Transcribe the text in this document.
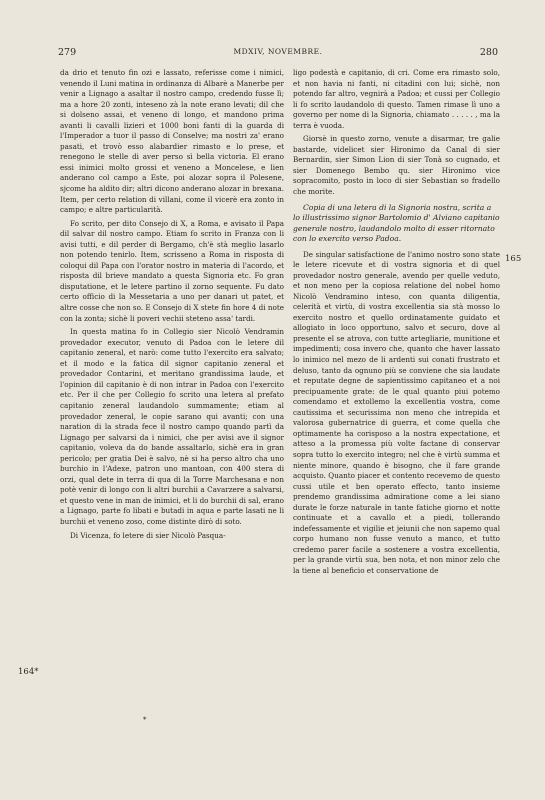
279	MDXIV, NOVEMBRE.	280

da drio et tenuto fin ozi e lassato, referisse come i nimici, venendo il Luni matina in ordinanza di Albarè a Manerbe per venir a Lignago a asaltar il nostro campo, credendo fusse lì; ma a hore 20 zonti, inteseno zà la note erano levati; dil che si dolseno assai, et veneno di longo, et mandono prima avanti li cavalli lizieri et 1000 boni fanti di la guarda di l'Imperador a tuor il passo di Conselve; ma nostri za' erano pasati, et trovò esso alabardier rimasto e lo prese, et renegono le stelle di aver perso sì bella victoria. El erano essi inimici molto grossi et veneno a Moncelese, e lien anderano col campo a Este, poi alozar sopra il Polesene, sjcome ha aldito dir; altri dicono anderano alozar in brexana. Item, per certo relation di villani, come il vicerè era zonto in campo; e altre particularità.

Fo scrito, per dito Consejo di X, a Roma, e avisato il Papa dil salvar dil nostro campo. Etiam fo scrito in Franza con li avisi tutti, e dil perder di Bergamo, ch'è stà meglio lasarlo non potendo tenirlo. Item, scrisseno a Roma in risposta di coloqui dil Papa con l'orator nostro in materia di l'acordo, et risposta dil brieve mandato a questa Signoria etc. Fo gran disputatione, et le letere partino il zorno sequente. Fu dato certo officio di la Messetaria a uno per danari ut patet, et altre cosse che non so. E Consejo di X stete fin hore 4 di note con la zonta; sichè li poveri vechii steteno assa' tardi.

In questa matina fo in Collegio sier Nicolò Vendramin provedador executor, venuto di Padoa con le letere dil capitanio zeneral, et narò: come tutto l'exercito era salvato; et il modo e la fatica dil signor capitanio zeneral et provedador Contarini, et meritano grandissima laude, et l'opinion dil capitanio è di non intrar in Padoa con l'exercito etc. Per il che per Collegio fo scrito una letera al prefato capitanio zeneral laudandolo summamente; etiam al provedador zeneral, le copie sarano qui avanti; con una naration di la strada fece il nostro campo quando partì da Lignago per salvarsi da i nimici, che per avisi ave il signor capitanio, voleva da do bande assaltarlo, sichè era in gran pericolo; per gratia Dei è salvo, nè si ha perso altro cha uno burchio in l'Adexe, patron uno mantoan, con 400 stera di orzi, qual dete in terra di qua di la Torre Marchesana e non potè venir di longo con li altri burchii a Cavarzere a salvarsi, et questo vene in man de inimici, et li do burchii di sal, erano a Lignago, parte fo libati e butadi in aqua e parte lasati ne li burchii et veneno zoso, come distinte dirò di soto.

Di Vicenza, fo letere di sier Nicolò Pasqua-

ligo podestà e capitanio, di cri. Come era rimasto solo, et non havia ni fanti, ni citadini con lui; sichè, non potendo far altro, vegnirà a Padoa; et cussi per Collegio li fo scrito laudandolo di questo. Tamen rimase lì uno a governo per nome di la Signoria, chiamato . . . . . , ma la terra è vuoda.

Giorsè in questo zorno, venute a disarmar, tre galie bastarde, videlicet sier Hironimo da Canal di sier Bernardin, sier Simon Lion di sier Tonà so cugnado, et sier Domenego Bembo qu. sier Hironimo vice sopracomito, posto in loco di sier Sebastian so fradello che morite.

Copia di una letera di la Signoria nostra, scrita a lo illustrissimo signor Bartolomio d' Alviano capitanio generale nostro, laudandolo molto di esser ritornato con lo exercito verso Padoa.

De singular satisfactione de l'animo nostro sono state le letere ricevute et di vostra signoria et di quel provedador nostro generale, avendo per quelle veduto, et non meno per la copiosa relatione del nobel homo Nicolò Vendramino inteso, con quanta diligentia, celerità et virtù, di vostra excellentia sia stà mosso lo exercito nostro et quello ordinatamente guidato et allogiato in loco opportuno, salvo et securo, dove al presente el se atrova, con tutte artegliarie, munitione et impedimenti; cosa invero che, quanto che haver lassato lo inimico nel mezo de li ardenti sui conati frustrato et deluso, tanto da ognuno più se conviene che sia laudate et reputate degne de sapientissimo capitaneo et a noi precipuamente grate: de le qual quanto piui potemo comendamo et extollemo la excellentia vostra, come cautissima et securissima non meno che intrepida et valorosa gubernatrice di guerra, et come quella che optimamente ha corisposo a la nostra expectatione, et atteso a la promessa più volte factane di conservar sopra tutto lo exercito integro; nel che è virtù summa et niente minore, quando è bisogno, che il fare grande acquisto. Quanto piacer et contento recevemo de questo cussi utile et ben operato effecto, tanto insieme prendemo grandissima admiratione come a lei siano durate le forze naturale in tante fatiche giorno et notte continuate et a cavallo et a piedi, tollerando indefessamente et vigilie et jeiunii che non sapemo qual corpo humano non fusse venuto a manco, et tutto credemo parer facile a sostenere a vostra excellentia, per la grande virtù sua, ben nota, et non minor zelo che la tiene al beneficio et conservatione de

165
164*
*
